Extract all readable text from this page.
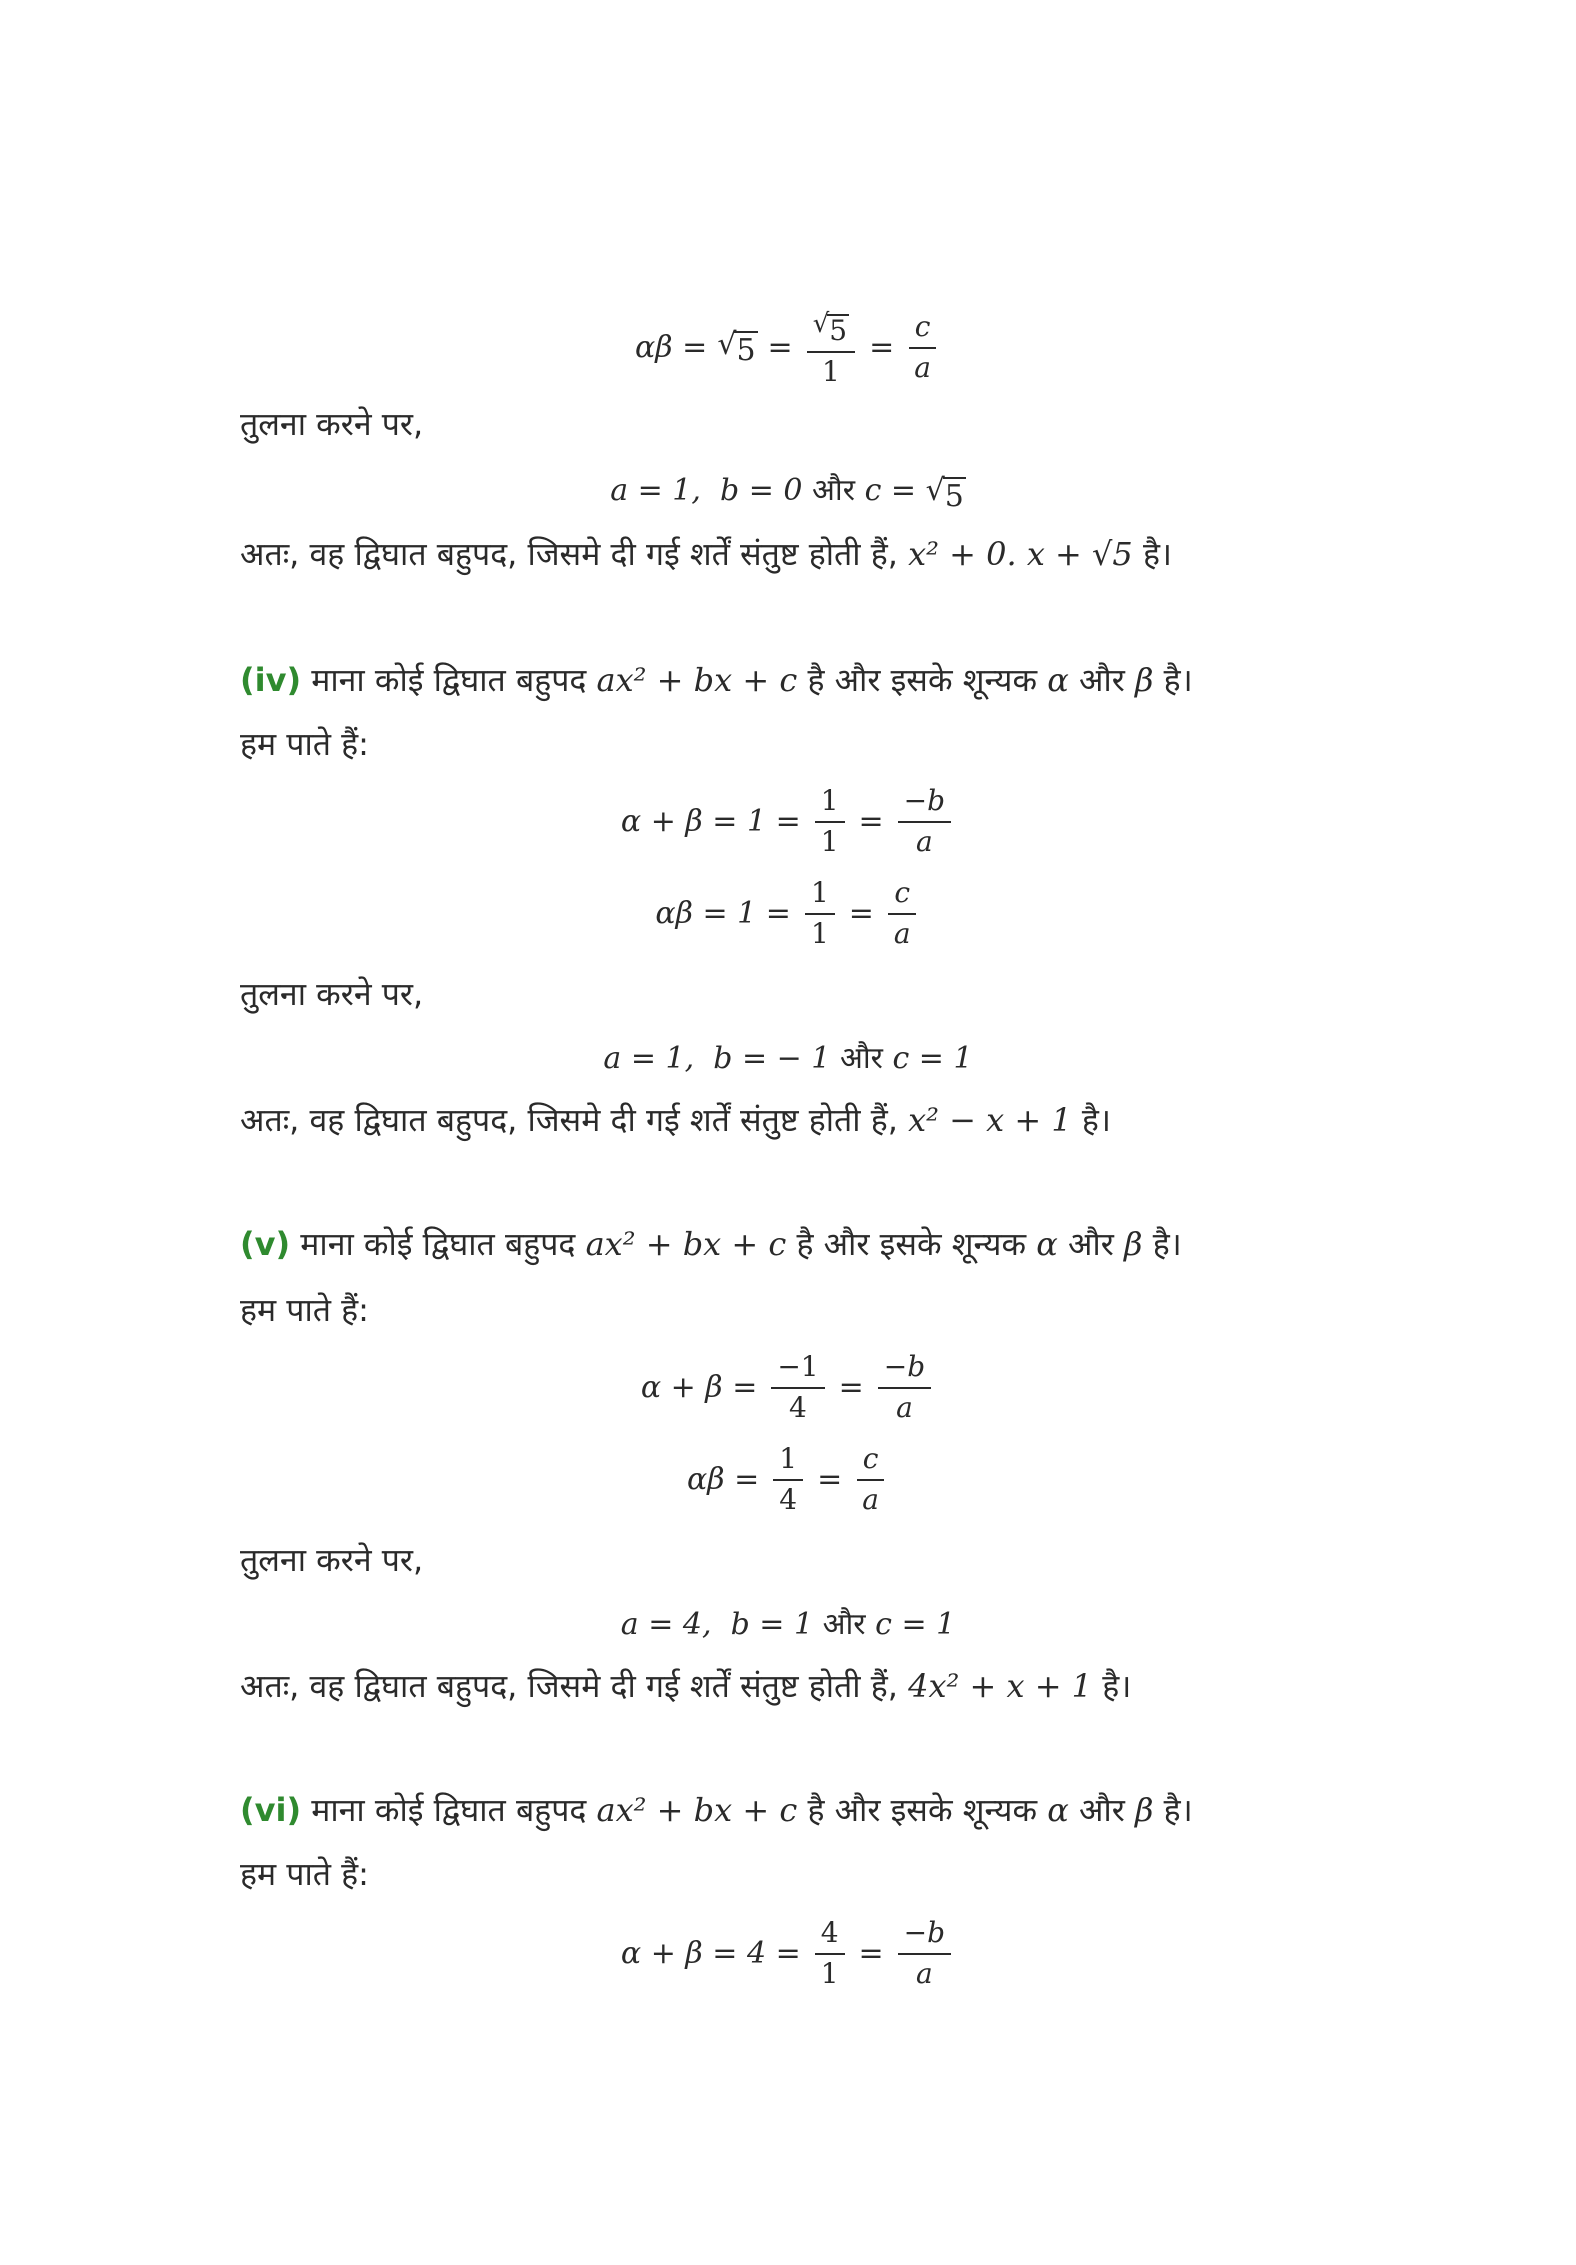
αβ = √ $5 = \frac{√ 5}{1} = \frac{c}{a}$
तुलना करने पर,
a = 1, b = 0 और c = √ 5
अतः, वह द्विघात बहुपद, जिसमे दी गई शर्तें संतुष्ट होती हैं, x² + 0. x + √5 है।
(iv) माना कोई द्विघात बहुपद ax² + bx + c है और इसके शून्यक α और β है।
हम पाते हैं:
$\alpha + \beta = 1 = \frac{1}{1} = \frac{-b}{a}$
$\alpha\beta = 1 = \frac{1}{1} = \frac{c}{a}$
तुलना करने पर,
a = 1, b = − 1 और c = 1
अतः, वह द्विघात बहुपद, जिसमे दी गई शर्तें संतुष्ट होती हैं, x² − x + 1 है।
(v) माना कोई द्विघात बहुपद ax² + bx + c है और इसके शून्यक α और β है।
हम पाते हैं:
$\alpha + \beta = \frac{-1}{4} = \frac{-b}{a}$
$\alpha\beta = \frac{1}{4} = \frac{c}{a}$
तुलना करने पर,
a = 4, b = 1 और c = 1
अतः, वह द्विघात बहुपद, जिसमे दी गई शर्तें संतुष्ट होती हैं, 4x² + x + 1 है।
(vi) माना कोई द्विघात बहुपद ax² + bx + c है और इसके शून्यक α और β है।
हम पाते हैं:
$\alpha + \beta = 4 = \frac{4}{1} = \frac{-b}{a}$
